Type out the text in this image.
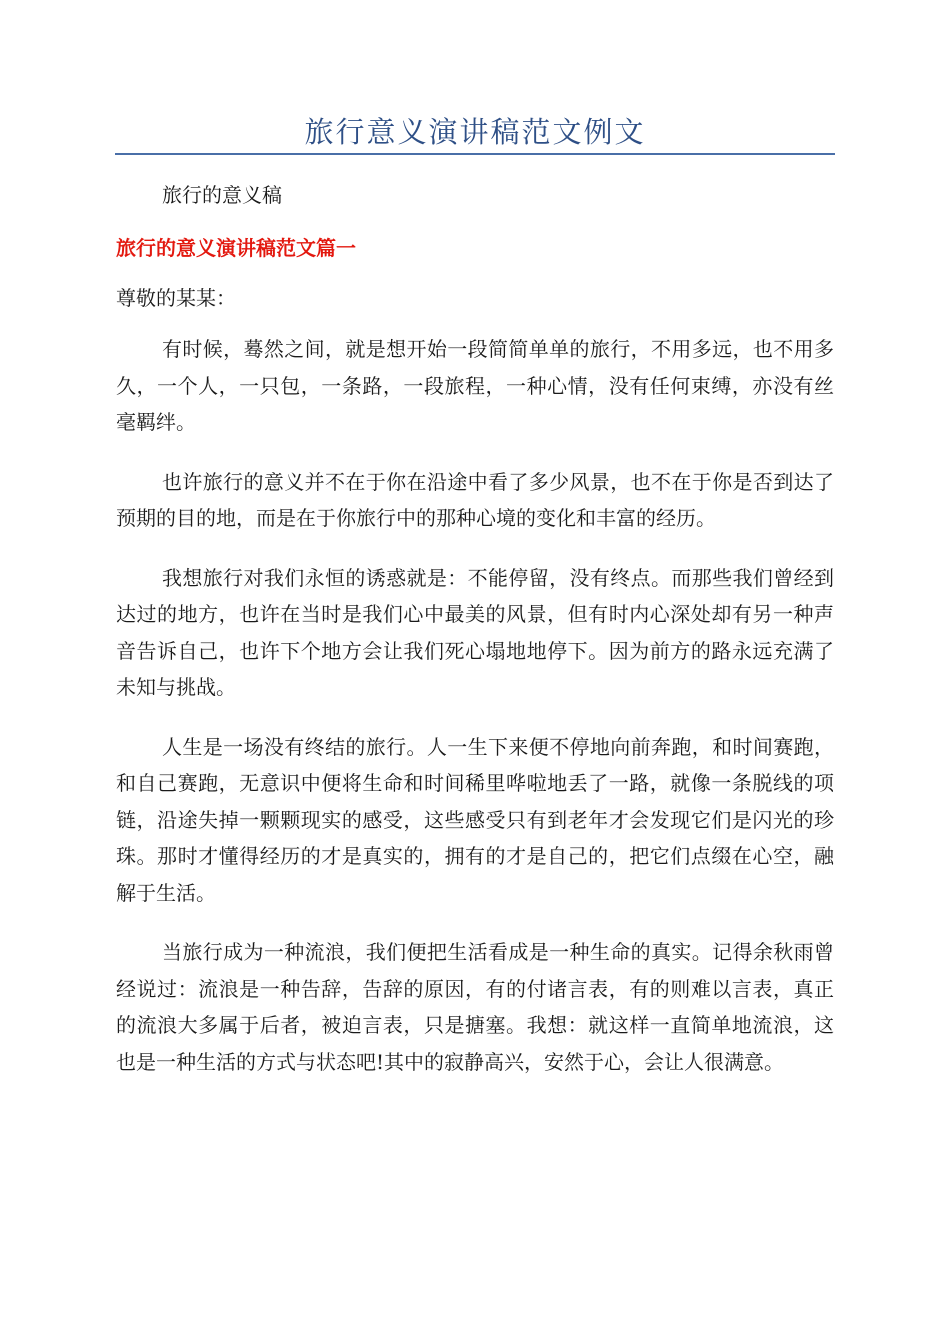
旅行意义演讲稿范文例文
旅行的意义稿
旅行的意义演讲稿范文篇一
尊敬的某某：

有时候，蓦然之间，就是想开始一段简简单单的旅行，不用多远，也不用多久，一个人，一只包，一条路，一段旅程，一种心情，没有任何束缚，亦没有丝毫羁绊。

也许旅行的意义并不在于你在沿途中看了多少风景，也不在于你是否到达了预期的目的地，而是在于你旅行中的那种心境的变化和丰富的经历。

我想旅行对我们永恒的诱惑就是：不能停留，没有终点。而那些我们曾经到达过的地方，也许在当时是我们心中最美的风景，但有时内心深处却有另一种声音告诉自己，也许下个地方会让我们死心塌地地停下。因为前方的路永远充满了未知与挑战。

人生是一场没有终结的旅行。人一生下来便不停地向前奔跑，和时间赛跑，和自己赛跑，无意识中便将生命和时间稀里哗啦地丢了一路，就像一条脱线的项链，沿途失掉一颗颗现实的感受，这些感受只有到老年才会发现它们是闪光的珍珠。那时才懂得经历的才是真实的，拥有的才是自己的，把它们点缀在心空，融解于生活。

当旅行成为一种流浪，我们便把生活看成是一种生命的真实。记得余秋雨曾经说过：流浪是一种告辞，告辞的原因，有的付诸言表，有的则难以言表，真正的流浪大多属于后者，被迫言表，只是搪塞。我想：就这样一直简单地流浪，这也是一种生活的方式与状态吧!其中的寂静高兴，安然于心，会让人很满意。
